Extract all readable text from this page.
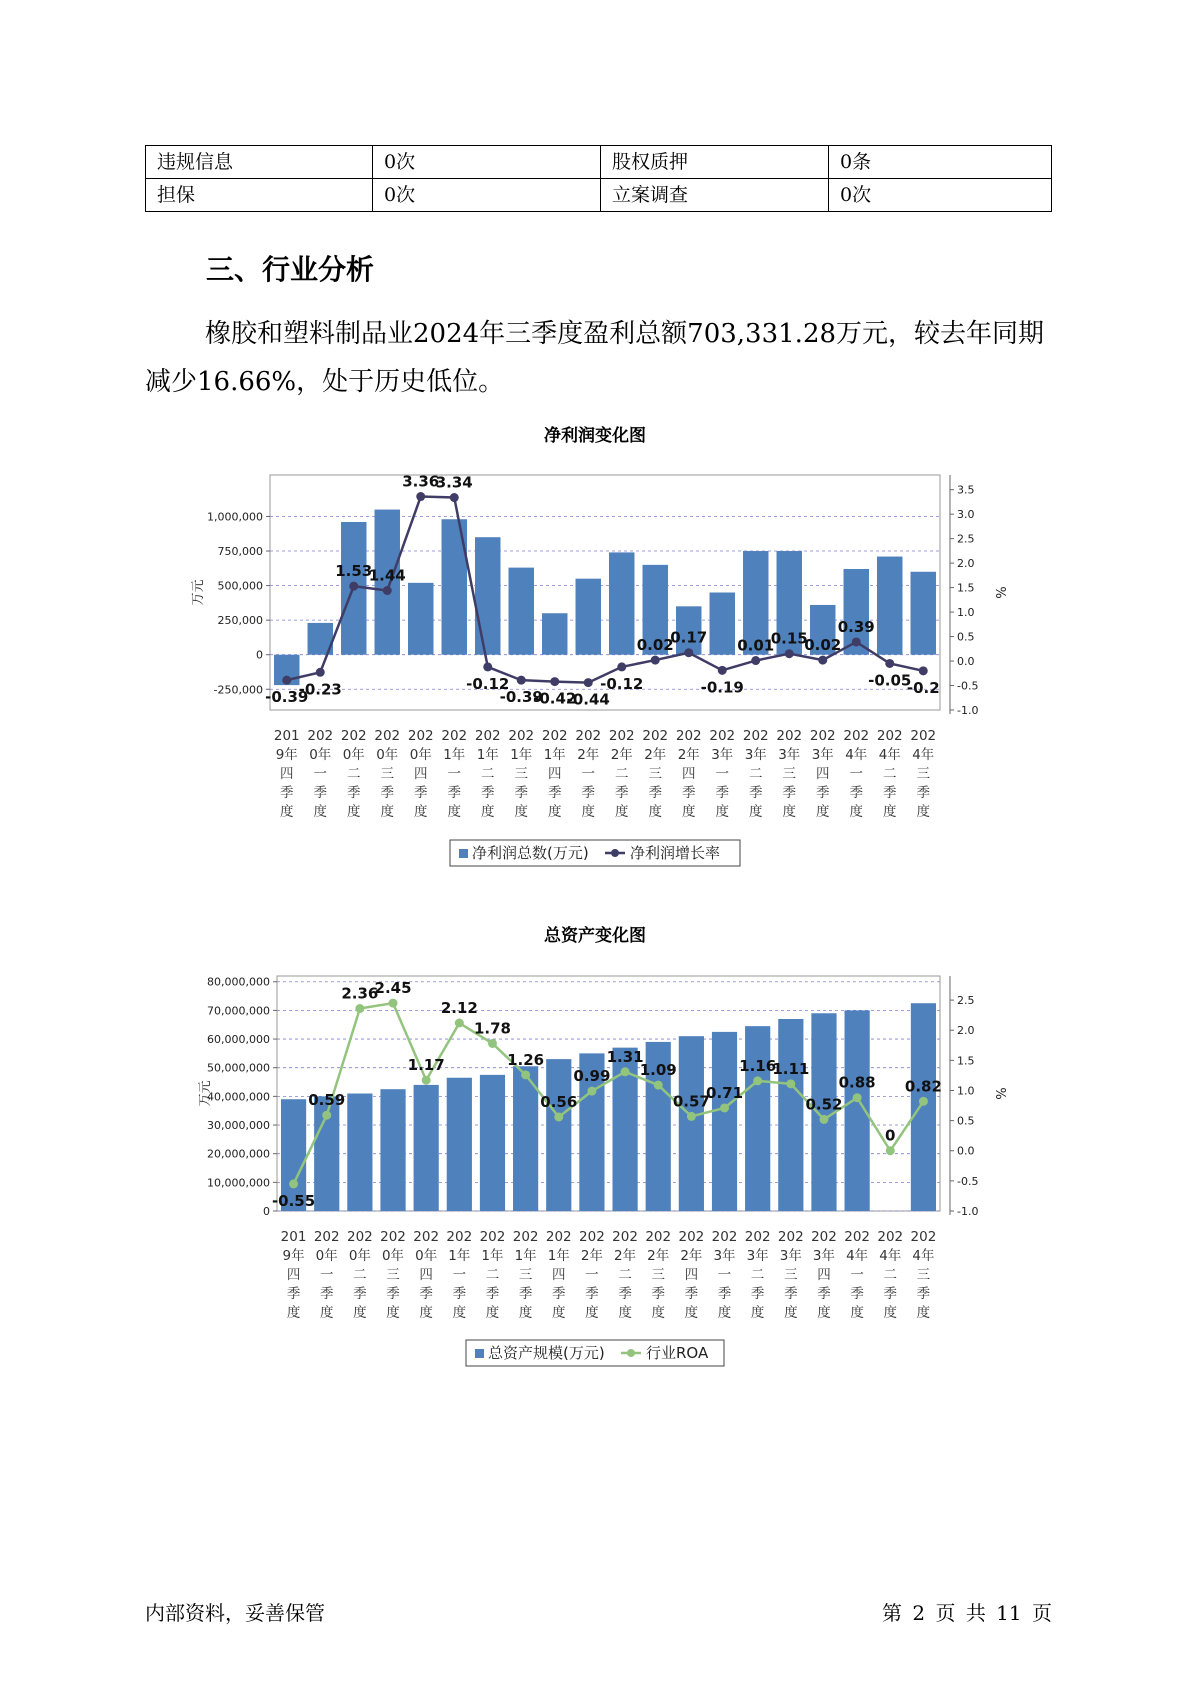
违规信息	0次	股权质押	0条
担保	0次	立案调查	0次
三、行业分析

橡胶和塑料制品业2024年三季度盈利总额703,331.28万元，较去年同期减少16.66%，处于历史低位。

净利润变化图
1,000,000
750,000
500,000
250,000
0
-250,000
3.5
3.0
2.5
2.0
1.5
1.0
0.5
0.0
-0.5
-1.0
万元	%
201 9年四季度
202 0年一季度
202 0年二季度
202 0年三季度
202 0年四季度
202 1年一季度
202 1年二季度
202 1年三季度
202 1年四季度
202 2年一季度
202 2年二季度
202 2年三季度
202 2年四季度
202 3年一季度
202 3年二季度
202 3年三季度
202 3年四季度
202 4年一季度
202 4年二季度
202 4年三季度
-0.39
-0.23
1.53
1.44
3.36
3.34
-0.12
-0.39
-0.42
-0.44
-0.12
0.02
0.17
-0.19
0.01
0.15
0.02
0.39
-0.05
-0.2
净利润总数(万元)	净利润增长率
总资产变化图
80,000,000
70,000,000
60,000,000
50,000,000
40,000,000
30,000,000
20,000,000
10,000,000
0
2.5
2.0
1.5
1.0
0.5
0.0
-0.5
-1.0
万元	%
201 9年四季度
202 0年一季度
202 0年二季度
202 0年三季度
202 0年四季度
202 1年一季度
202 1年二季度
202 1年三季度
202 1年四季度
202 2年一季度
202 2年二季度
202 2年三季度
202 2年四季度
202 3年一季度
202 3年二季度
202 3年三季度
202 3年四季度
202 4年一季度
202 4年二季度
202 4年三季度
-0.55
0.59
2.36
2.45
1.17
2.12
1.78
1.26
0.56
0.99
1.31
1.09
0.57
0.71
1.16
1.11
0.52
0.88
0
0.82
总资产规模(万元)	行业ROA
内部资料，妥善保管	第 2 页 共 11 页
